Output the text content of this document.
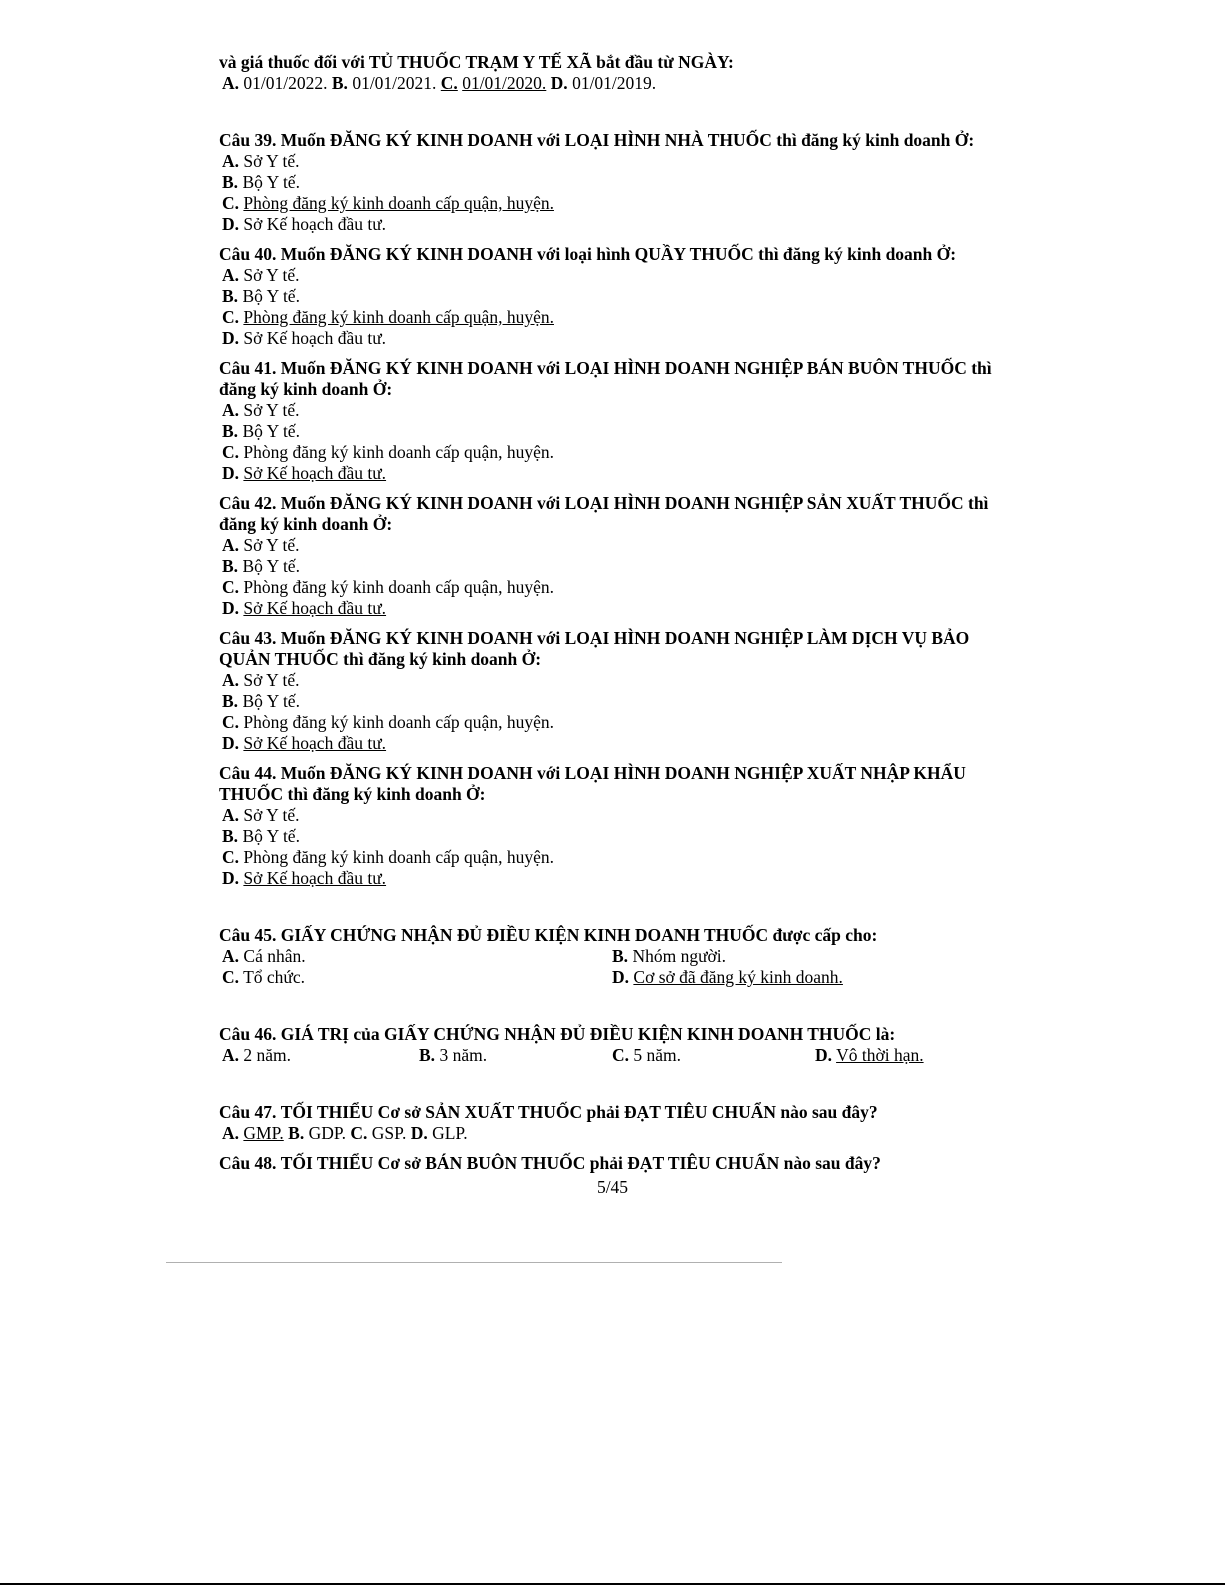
và giá thuốc đối với TỦ THUỐC TRẠM Y TẾ XÃ bắt đầu từ NGÀY:
A. 01/01/2022. B. 01/01/2021. C. 01/01/2020. D. 01/01/2019.
Câu 39. Muốn ĐĂNG KÝ KINH DOANH với LOẠI HÌNH NHÀ THUỐC thì đăng ký kinh doanh Ở:
A. Sở Y tế.
B. Bộ Y tế.
C. Phòng đăng ký kinh doanh cấp quận, huyện.
D. Sở Kế hoạch đầu tư.
Câu 40. Muốn ĐĂNG KÝ KINH DOANH với loại hình QUẦY THUỐC thì đăng ký kinh doanh Ở:
A. Sở Y tế.
B. Bộ Y tế.
C. Phòng đăng ký kinh doanh cấp quận, huyện.
D. Sở Kế hoạch đầu tư.
Câu 41. Muốn ĐĂNG KÝ KINH DOANH với LOẠI HÌNH DOANH NGHIỆP BÁN BUÔN THUỐC thì đăng ký kinh doanh Ở:
A. Sở Y tế.
B. Bộ Y tế.
C. Phòng đăng ký kinh doanh cấp quận, huyện.
D. Sở Kế hoạch đầu tư.
Câu 42. Muốn ĐĂNG KÝ KINH DOANH với LOẠI HÌNH DOANH NGHIỆP SẢN XUẤT THUỐC thì đăng ký kinh doanh Ở:
A. Sở Y tế.
B. Bộ Y tế.
C. Phòng đăng ký kinh doanh cấp quận, huyện.
D. Sở Kế hoạch đầu tư.
Câu 43. Muốn ĐĂNG KÝ KINH DOANH với LOẠI HÌNH DOANH NGHIỆP LÀM DỊCH VỤ BẢO QUẢN THUỐC thì đăng ký kinh doanh Ở:
A. Sở Y tế.
B. Bộ Y tế.
C. Phòng đăng ký kinh doanh cấp quận, huyện.
D. Sở Kế hoạch đầu tư.
Câu 44. Muốn ĐĂNG KÝ KINH DOANH với LOẠI HÌNH DOANH NGHIỆP XUẤT NHẬP KHẨU THUỐC thì đăng ký kinh doanh Ở:
A. Sở Y tế.
B. Bộ Y tế.
C. Phòng đăng ký kinh doanh cấp quận, huyện.
D. Sở Kế hoạch đầu tư.
Câu 45. GIẤY CHỨNG NHẬN ĐỦ ĐIỀU KIỆN KINH DOANH THUỐC được cấp cho:
A. Cá nhân.	B. Nhóm người.
C. Tổ chức.	D. Cơ sở đã đăng ký kinh doanh.
Câu 46. GIÁ TRỊ của GIẤY CHỨNG NHẬN ĐỦ ĐIỀU KIỆN KINH DOANH THUỐC là:
A. 2 năm.	B. 3 năm.	C. 5 năm.	D. Vô thời hạn.
Câu 47. TỐI THIỂU Cơ sở SẢN XUẤT THUỐC phải ĐẠT TIÊU CHUẨN nào sau đây?
A. GMP. B. GDP. C. GSP. D. GLP.
Câu 48. TỐI THIỂU Cơ sở BÁN BUÔN THUỐC phải ĐẠT TIÊU CHUẨN nào sau đây?
5/45
